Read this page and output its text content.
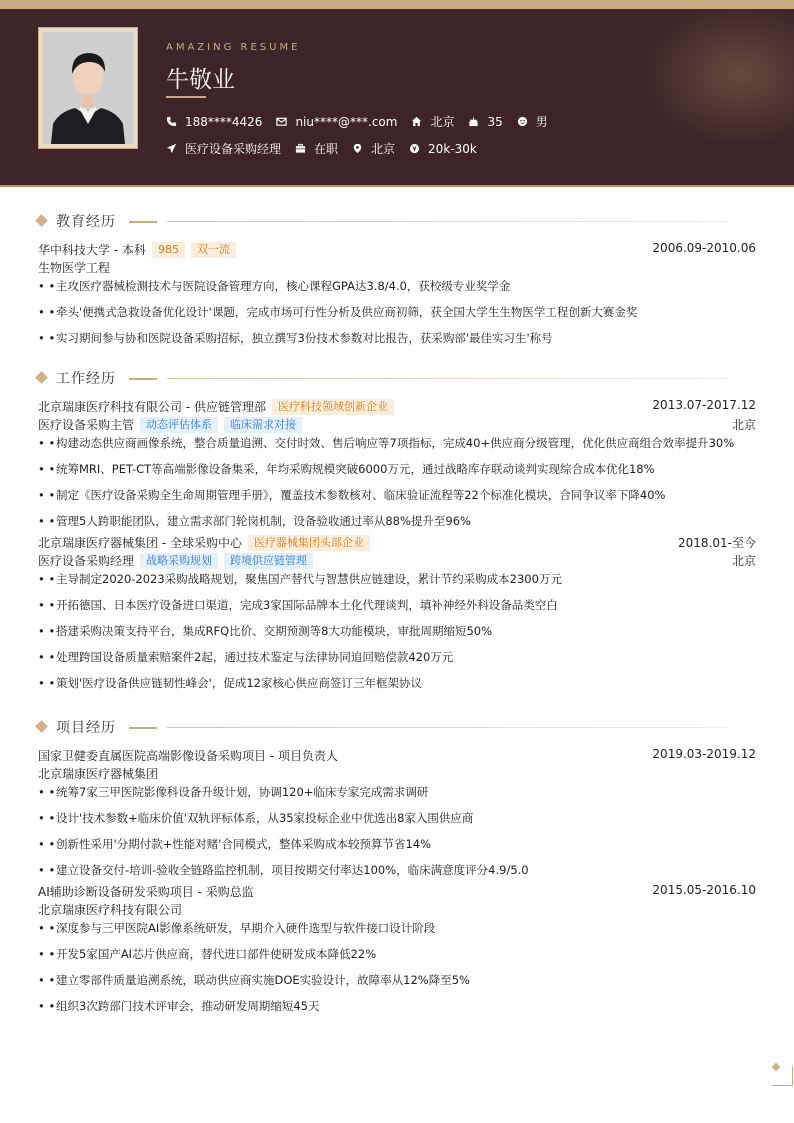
AMAZING RESUME
牛敬业
188****4426	niu****@***.com	北京	35	男
医疗设备采购经理	在职	北京	20k-30k
教育经历
华中科技大学 - 本科	985	双一流	2006.09-2010.06
生物医学工程
• •主攻医疗器械检测技术与医院设备管理方向，核心课程GPA达3.8/4.0，获校级专业奖学金
• •牵头'便携式急救设备优化设计'课题，完成市场可行性分析及供应商初筛，获全国大学生生物医学工程创新大赛金奖
• •实习期间参与协和医院设备采购招标，独立撰写3份技术参数对比报告，获采购部'最佳实习生'称号
工作经历
北京瑞康医疗科技有限公司 - 供应链管理部	医疗科技领域创新企业	2013.07-2017.12
医疗设备采购主管	动态评估体系	临床需求对接	北京
• •构建动态供应商画像系统，整合质量追溯、交付时效、售后响应等7项指标，完成40+供应商分级管理，优化供应商组合效率提升30%
• •统筹MRI、PET-CT等高端影像设备集采，年均采购规模突破6000万元，通过战略库存联动谈判实现综合成本优化18%
• •制定《医疗设备采购全生命周期管理手册》，覆盖技术参数核对、临床验证流程等22个标准化模块，合同争议率下降40%
• •管理5人跨职能团队，建立需求部门轮岗机制，设备验收通过率从88%提升至96%
北京瑞康医疗器械集团 - 全球采购中心	医疗器械集团头部企业	2018.01-至今
医疗设备采购经理	战略采购规划	跨境供应链管理	北京
• •主导制定2020-2023采购战略规划，聚焦国产替代与智慧供应链建设，累计节约采购成本2300万元
• •开拓德国、日本医疗设备进口渠道，完成3家国际品牌本土化代理谈判，填补神经外科设备品类空白
• •搭建采购决策支持平台，集成RFQ比价、交期预测等8大功能模块，审批周期缩短50%
• •处理跨国设备质量索赔案件2起，通过技术鉴定与法律协同追回赔偿款420万元
• •策划'医疗设备供应链韧性峰会'，促成12家核心供应商签订三年框架协议
项目经历
国家卫健委直属医院高端影像设备采购项目 - 项目负责人	2019.03-2019.12
北京瑞康医疗器械集团
• •统筹7家三甲医院影像科设备升级计划，协调120+临床专家完成需求调研
• •设计'技术参数+临床价值'双轨评标体系，从35家投标企业中优选出8家入围供应商
• •创新性采用'分期付款+性能对赌'合同模式，整体采购成本较预算节省14%
• •建立设备交付-培训-验收全链路监控机制，项目按期交付率达100%，临床满意度评分4.9/5.0
AI辅助诊断设备研发采购项目 - 采购总监	2015.05-2016.10
北京瑞康医疗科技有限公司
• •深度参与三甲医院AI影像系统研发，早期介入硬件选型与软件接口设计阶段
• •开发5家国产AI芯片供应商，替代进口部件使研发成本降低22%
• •建立零部件质量追溯系统，联动供应商实施DOE实验设计，故障率从12%降至5%
• •组织3次跨部门技术评审会，推动研发周期缩短45天
